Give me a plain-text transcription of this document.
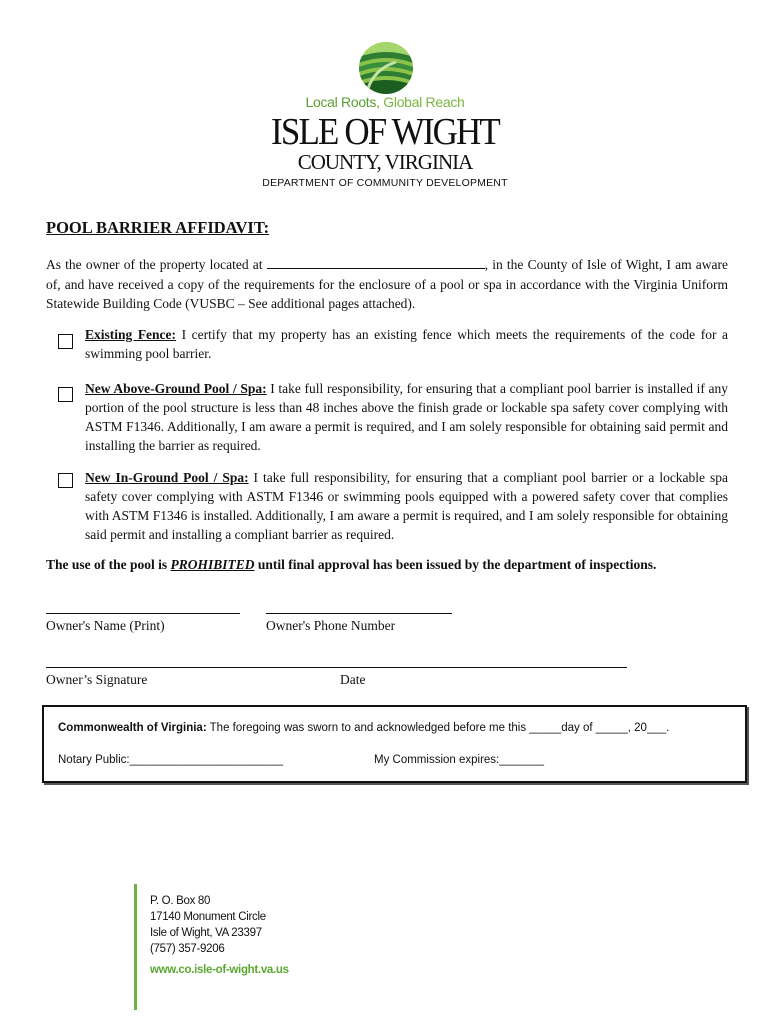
Local Roots, Global Reach
ISLE OF WIGHT
COUNTY, VIRGINIA
DEPARTMENT OF COMMUNITY DEVELOPMENT
POOL BARRIER AFFIDAVIT:
As the owner of the property located at	, in the County of Isle of Wight, I am aware of, and have received a copy of the requirements for the enclosure of a pool or spa in accordance with the Virginia Uniform Statewide Building Code (VUSBC – See additional pages attached).
Existing Fence: I certify that my property has an existing fence which meets the requirements of the code for a swimming pool barrier.
New Above-Ground Pool / Spa: I take full responsibility, for ensuring that a compliant pool barrier is installed if any portion of the pool structure is less than 48 inches above the finish grade or lockable spa safety cover complying with ASTM F1346. Additionally, I am aware a permit is required, and I am solely responsible for obtaining said permit and installing the barrier as required.
New In-Ground Pool / Spa: I take full responsibility, for ensuring that a compliant pool barrier or a lockable spa safety cover complying with ASTM F1346 or swimming pools equipped with a powered safety cover that complies with ASTM F1346 is installed. Additionally, I am aware a permit is required, and I am solely responsible for obtaining said permit and installing a compliant barrier as required.
The use of the pool is PROHIBITED until final approval has been issued by the department of inspections.
Owner's Name (Print)	Owner's Phone Number
Owner’s Signature	Date
Commonwealth of Virginia: The foregoing was sworn to and acknowledged before me this _____day of _____, 20___.
Notary Public:________________________	My Commission expires:_______
P. O. Box 80
17140 Monument Circle
Isle of Wight, VA 23397
(757) 357-9206
www.co.isle-of-wight.va.us
